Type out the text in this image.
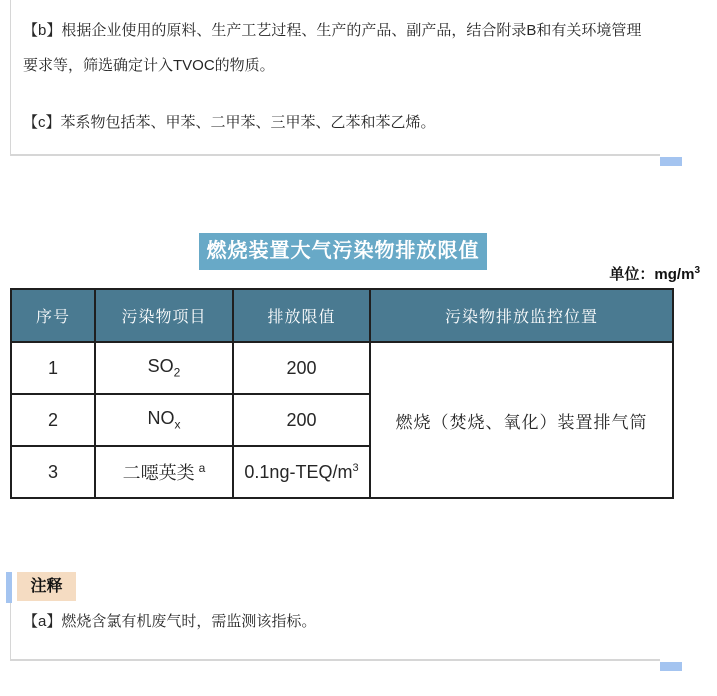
【b】根据企业使用的原料、生产工艺过程、生产的产品、副产品，结合附录B和有关环境管理要求等，筛选确定计入TVOC的物质。

【c】苯系物包括苯、甲苯、二甲苯、三甲苯、乙苯和苯乙烯。

燃烧装置大气污染物排放限值
单位：$mg/m^3$
序号	污染物项目	排放限值	污染物排放监控位置
1	$SO_2$	200	燃烧（焚烧、氧化）装置排气筒
2	$NO_x$	200	
3	二噁英类 $^a$	$0.1ng-TEQ/m^3$
注释

【a】燃烧含氯有机废气时，需监测该指标。
